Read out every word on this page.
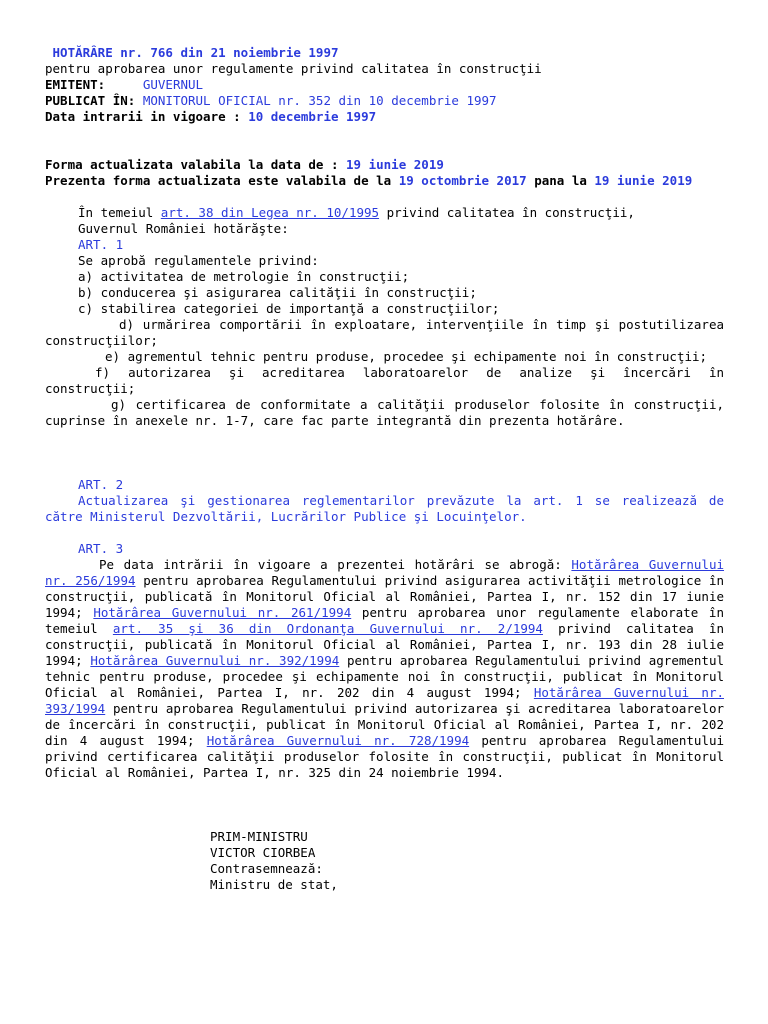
HOTĂRÂRE nr. 766 din 21 noiembrie 1997
pentru aprobarea unor regulamente privind calitatea în construcţii
EMITENT:	GUVERNUL
PUBLICAT ÎN: MONITORUL OFICIAL nr. 352 din 10 decembrie 1997
Data intrarii in vigoare : 10 decembrie 1997
Forma actualizata valabila la data de : 19 iunie 2019
Prezenta forma actualizata este valabila de la 19 octombrie 2017 pana la 19 iunie 2019
În temeiul art. 38 din Legea nr. 10/1995 privind calitatea în construcţii,
Guvernul României hotărăşte:
ART. 1
Se aprobă regulamentele privind:
a) activitatea de metrologie în construcţii;
b) conducerea şi asigurarea calităţii în construcţii;
c) stabilirea categoriei de importanţă a construcţiilor;

d) urmărirea comportării în exploatare, intervenţiile în timp şi postutilizarea construcţiilor;

e) agrementul tehnic pentru produse, procedee şi echipamente noi în construcţii;

f) autorizarea şi acreditarea laboratoarelor de analize şi încercări în construcţii;

g) certificarea de conformitate a calităţii produselor folosite în construcţii, cuprinse în anexele nr. 1-7, care fac parte integrantă din prezenta hotărâre.

ART. 2

Actualizarea şi gestionarea reglementarilor prevăzute la art. 1 se realizează de către Ministerul Dezvoltării, Lucrărilor Publice şi Locuinţelor.

ART. 3

Pe data intrării în vigoare a prezentei hotărâri se abrogă: Hotărârea Guvernului nr. 256/1994 pentru aprobarea Regulamentului privind asigurarea activităţii metrologice în construcţii, publicată în Monitorul Oficial al României, Partea I, nr. 152 din 17 iunie 1994; Hotărârea Guvernului nr. 261/1994 pentru aprobarea unor regulamente elaborate în temeiul art. 35 şi 36 din Ordonanţa Guvernului nr. 2/1994 privind calitatea în construcţii, publicată în Monitorul Oficial al României, Partea I, nr. 193 din 28 iulie 1994; Hotărârea Guvernului nr. 392/1994 pentru aprobarea Regulamentului privind agrementul tehnic pentru produse, procedee şi echipamente noi în construcţii, publicat în Monitorul Oficial al României, Partea I, nr. 202 din 4 august 1994; Hotărârea Guvernului nr. 393/1994 pentru aprobarea Regulamentului privind autorizarea şi acreditarea laboratoarelor de încercări în construcţii, publicat în Monitorul Oficial al României, Partea I, nr. 202 din 4 august 1994; Hotărârea Guvernului nr. 728/1994 pentru aprobarea Regulamentului privind certificarea calităţii produselor folosite în construcţii, publicat în Monitorul Oficial al României, Partea I, nr. 325 din 24 noiembrie 1994.

PRIM-MINISTRU
VICTOR CIORBEA
Contrasemnează:
Ministru de stat,
